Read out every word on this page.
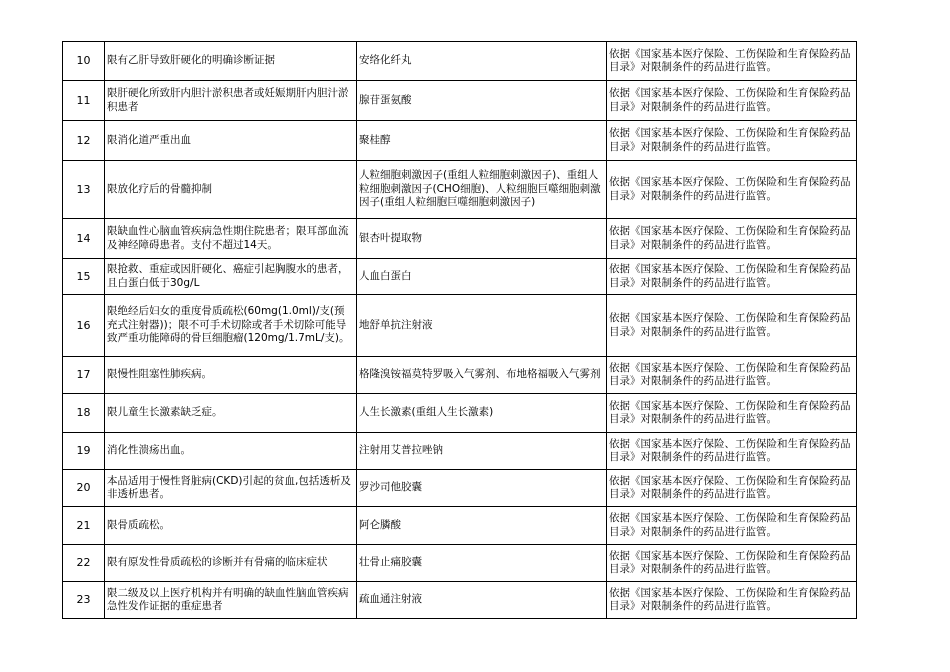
10	限有乙肝导致肝硬化的明确诊断证据	安络化纤丸	依据《国家基本医疗保险、工伤保险和生育保险药品目录》对限制条件的药品进行监管。
11	限肝硬化所致肝内胆汁淤积患者或妊娠期肝内胆汁淤积患者	腺苷蛋氨酸	依据《国家基本医疗保险、工伤保险和生育保险药品目录》对限制条件的药品进行监管。
12	限消化道严重出血	聚桂醇	依据《国家基本医疗保险、工伤保险和生育保险药品目录》对限制条件的药品进行监管。
13	限放化疗后的骨髓抑制	人粒细胞刺激因子(重组人粒细胞刺激因子)、重组人粒细胞刺激因子(CHO细胞)、人粒细胞巨噬细胞刺激因子(重组人粒细胞巨噬细胞刺激因子)	依据《国家基本医疗保险、工伤保险和生育保险药品目录》对限制条件的药品进行监管。
14	限缺血性心脑血管疾病急性期住院患者；限耳部血流及神经障碍患者。支付不超过14天。	银杏叶提取物	依据《国家基本医疗保险、工伤保险和生育保险药品目录》对限制条件的药品进行监管。
15	限抢救、重症或因肝硬化、癌症引起胸腹水的患者，且白蛋白低于30g/L	人血白蛋白	依据《国家基本医疗保险、工伤保险和生育保险药品目录》对限制条件的药品进行监管。
16	限绝经后妇女的重度骨质疏松(60mg(1.0ml)/支(预充式注射器))；限不可手术切除或者手术切除可能导致严重功能障碍的骨巨细胞瘤(120mg/1.7mL/支)。	地舒单抗注射液	依据《国家基本医疗保险、工伤保险和生育保险药品目录》对限制条件的药品进行监管。
17	限慢性阻塞性肺疾病。	格隆溴铵福莫特罗吸入气雾剂、布地格福吸入气雾剂	依据《国家基本医疗保险、工伤保险和生育保险药品目录》对限制条件的药品进行监管。
18	限儿童生长激素缺乏症。	人生长激素(重组人生长激素)	依据《国家基本医疗保险、工伤保险和生育保险药品目录》对限制条件的药品进行监管。
19	消化性溃疡出血。	注射用艾普拉唑钠	依据《国家基本医疗保险、工伤保险和生育保险药品目录》对限制条件的药品进行监管。
20	本品适用于慢性肾脏病(CKD)引起的贫血,包括透析及非透析患者。	罗沙司他胶囊	依据《国家基本医疗保险、工伤保险和生育保险药品目录》对限制条件的药品进行监管。
21	限骨质疏松。	阿仑膦酸	依据《国家基本医疗保险、工伤保险和生育保险药品目录》对限制条件的药品进行监管。
22	限有原发性骨质疏松的诊断并有骨痛的临床症状	壮骨止痛胶囊	依据《国家基本医疗保险、工伤保险和生育保险药品目录》对限制条件的药品进行监管。
23	限二级及以上医疗机构并有明确的缺血性脑血管疾病急性发作证据的重症患者	疏血通注射液	依据《国家基本医疗保险、工伤保险和生育保险药品目录》对限制条件的药品进行监管。
